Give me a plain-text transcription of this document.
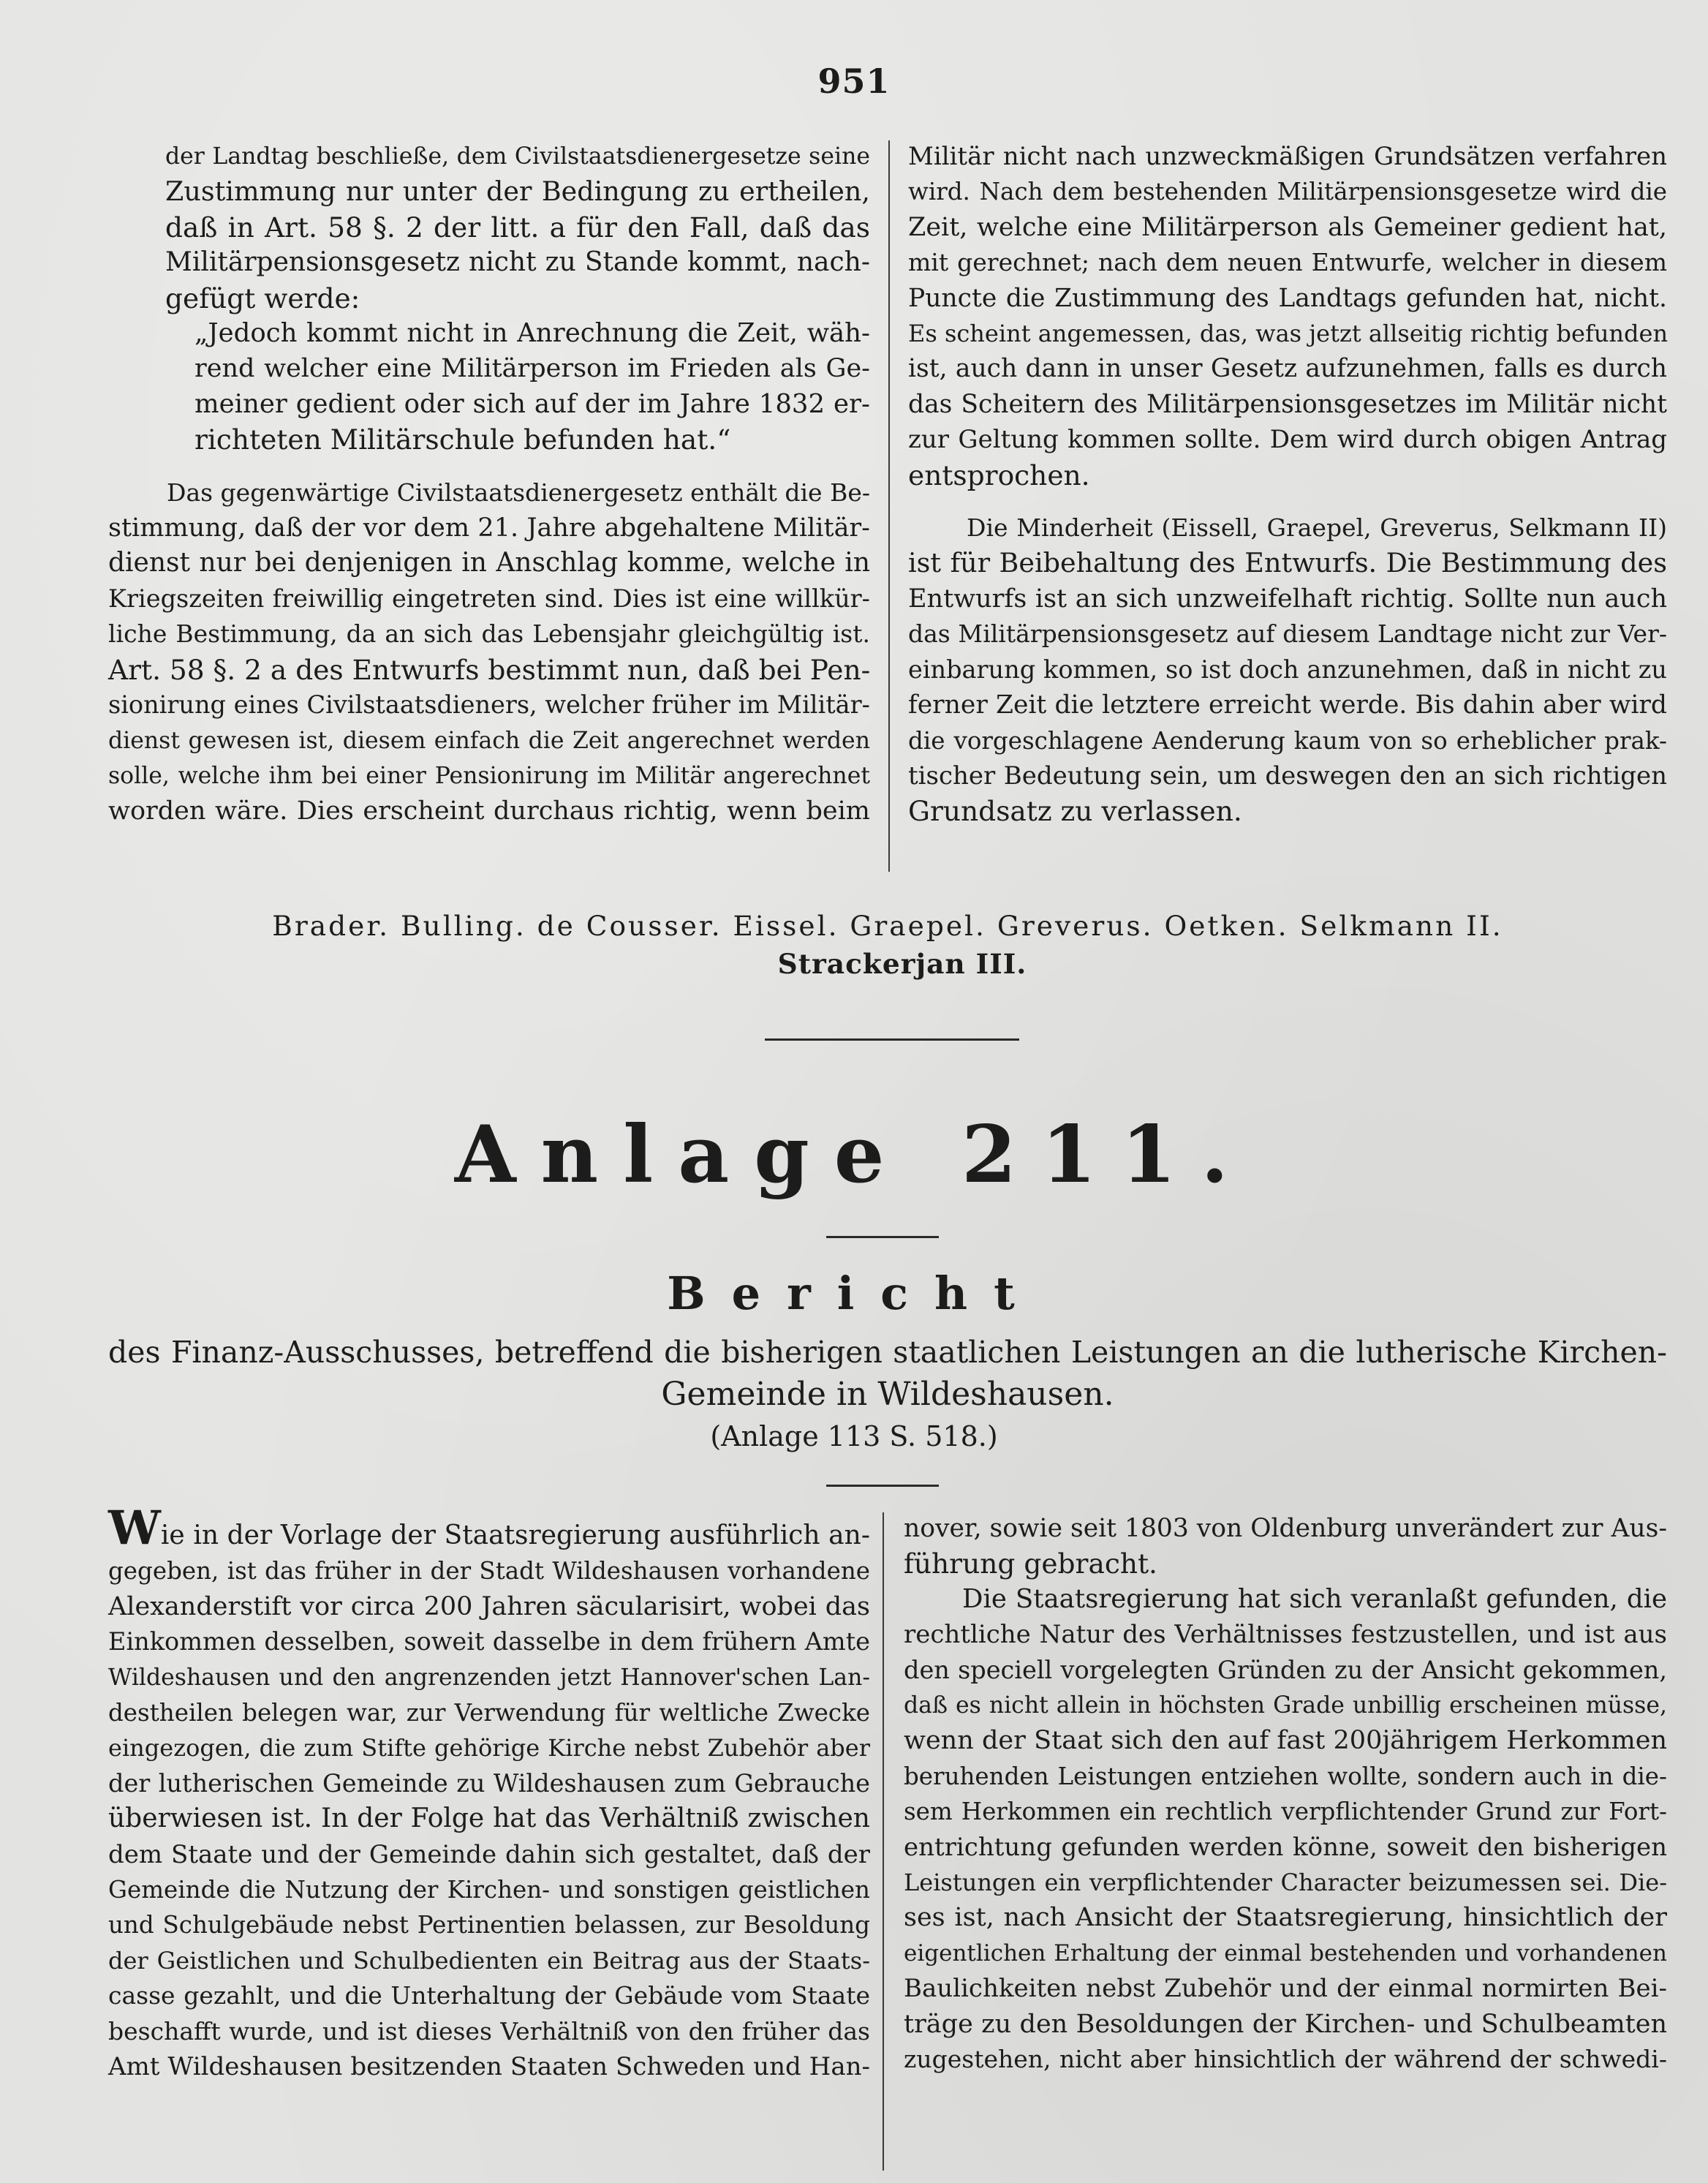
951
der Landtag beschließe, dem Civilstaatsdienergesetze seine
Zustimmung nur unter der Bedingung zu ertheilen,
daß in Art. 58 §. 2 der litt. a für den Fall, daß das
Militärpensionsgesetz nicht zu Stande kommt, nach-
gefügt werde:
„Jedoch kommt nicht in Anrechnung die Zeit, wäh-
rend welcher eine Militärperson im Frieden als Ge-
meiner gedient oder sich auf der im Jahre 1832 er-
richteten Militärschule befunden hat.“
Das gegenwärtige Civilstaatsdienergesetz enthält die Be-
stimmung, daß der vor dem 21. Jahre abgehaltene Militär-
dienst nur bei denjenigen in Anschlag komme, welche in
Kriegszeiten freiwillig eingetreten sind. Dies ist eine willkür-
liche Bestimmung, da an sich das Lebensjahr gleichgültig ist.
Art. 58 §. 2 a des Entwurfs bestimmt nun, daß bei Pen-
sionirung eines Civilstaatsdieners, welcher früher im Militär-
dienst gewesen ist, diesem einfach die Zeit angerechnet werden
solle, welche ihm bei einer Pensionirung im Militär angerechnet
worden wäre. Dies erscheint durchaus richtig, wenn beim
Militär nicht nach unzweckmäßigen Grundsätzen verfahren
wird. Nach dem bestehenden Militärpensionsgesetze wird die
Zeit, welche eine Militärperson als Gemeiner gedient hat,
mit gerechnet; nach dem neuen Entwurfe, welcher in diesem
Puncte die Zustimmung des Landtags gefunden hat, nicht.
Es scheint angemessen, das, was jetzt allseitig richtig befunden
ist, auch dann in unser Gesetz aufzunehmen, falls es durch
das Scheitern des Militärpensionsgesetzes im Militär nicht
zur Geltung kommen sollte. Dem wird durch obigen Antrag
entsprochen.
Die Minderheit (Eissell, Graepel, Greverus, Selkmann II)
ist für Beibehaltung des Entwurfs. Die Bestimmung des
Entwurfs ist an sich unzweifelhaft richtig. Sollte nun auch
das Militärpensionsgesetz auf diesem Landtage nicht zur Ver-
einbarung kommen, so ist doch anzunehmen, daß in nicht zu
ferner Zeit die letztere erreicht werde. Bis dahin aber wird
die vorgeschlagene Aenderung kaum von so erheblicher prak-
tischer Bedeutung sein, um deswegen den an sich richtigen
Grundsatz zu verlassen.
Brader. Bulling. de Cousser. Eissel. Graepel. Greverus. Oetken. Selkmann II.
Strackerjan III.
Anlage 211.
Bericht
des Finanz-Ausschusses, betreffend die bisherigen staatlichen Leistungen an die lutherische Kirchen-
Gemeinde in Wildeshausen.
(Anlage 113 S. 518.)
Wie in der Vorlage der Staatsregierung ausführlich an-
gegeben, ist das früher in der Stadt Wildeshausen vorhandene
Alexanderstift vor circa 200 Jahren säcularisirt, wobei das
Einkommen desselben, soweit dasselbe in dem frühern Amte
Wildeshausen und den angrenzenden jetzt Hannover'schen Lan-
destheilen belegen war, zur Verwendung für weltliche Zwecke
eingezogen, die zum Stifte gehörige Kirche nebst Zubehör aber
der lutherischen Gemeinde zu Wildeshausen zum Gebrauche
überwiesen ist. In der Folge hat das Verhältniß zwischen
dem Staate und der Gemeinde dahin sich gestaltet, daß der
Gemeinde die Nutzung der Kirchen- und sonstigen geistlichen
und Schulgebäude nebst Pertinentien belassen, zur Besoldung
der Geistlichen und Schulbedienten ein Beitrag aus der Staats-
casse gezahlt, und die Unterhaltung der Gebäude vom Staate
beschafft wurde, und ist dieses Verhältniß von den früher das
Amt Wildeshausen besitzenden Staaten Schweden und Han-
nover, sowie seit 1803 von Oldenburg unverändert zur Aus-
führung gebracht.
Die Staatsregierung hat sich veranlaßt gefunden, die
rechtliche Natur des Verhältnisses festzustellen, und ist aus
den speciell vorgelegten Gründen zu der Ansicht gekommen,
daß es nicht allein in höchsten Grade unbillig erscheinen müsse,
wenn der Staat sich den auf fast 200jährigem Herkommen
beruhenden Leistungen entziehen wollte, sondern auch in die-
sem Herkommen ein rechtlich verpflichtender Grund zur Fort-
entrichtung gefunden werden könne, soweit den bisherigen
Leistungen ein verpflichtender Character beizumessen sei. Die-
ses ist, nach Ansicht der Staatsregierung, hinsichtlich der
eigentlichen Erhaltung der einmal bestehenden und vorhandenen
Baulichkeiten nebst Zubehör und der einmal normirten Bei-
träge zu den Besoldungen der Kirchen- und Schulbeamten
zugestehen, nicht aber hinsichtlich der während der schwedi-
